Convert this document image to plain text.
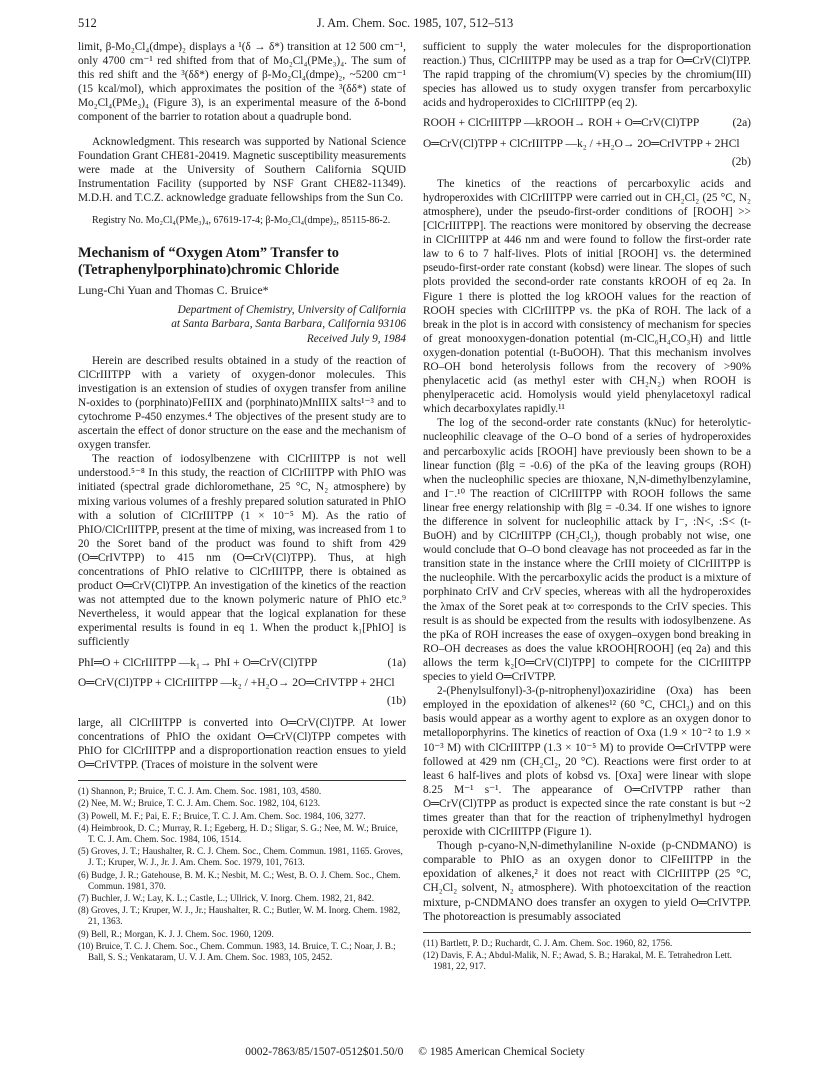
512	J. Am. Chem. Soc. 1985, 107, 512–513

limit, β-Mo₂Cl₄(dmpe)₂ displays a ¹(δ → δ*) transition at 12 500 cm⁻¹, only 4700 cm⁻¹ red shifted from that of Mo₂Cl₄(PMe₃)₄. The sum of this red shift and the ³(δδ*) energy of β-Mo₂Cl₄(dmpe)₂, ~5200 cm⁻¹ (15 kcal/mol), which approximates the position of the ³(δδ*) state of Mo₂Cl₄(PMe₃)₄ (Figure 3), is an experimental measure of the δ-bond component of the barrier to rotation about a quadruple bond.

Acknowledgment. This research was supported by National Science Foundation Grant CHE81-20419. Magnetic susceptibility measurements were made at the University of Southern California SQUID Instrumentation Facility (supported by NSF Grant CHE82-11349). M.D.H. and T.C.Z. acknowledge graduate fellowships from the Sun Co.

Registry No. Mo₂Cl₄(PMe₃)₄, 67619-17-4; β-Mo₂Cl₄(dmpe)₂, 85115-86-2.

Mechanism of “Oxygen Atom” Transfer to (Tetraphenylporphinato)chromic Chloride
Lung-Chi Yuan and Thomas C. Bruice*
Department of Chemistry, University of California
at Santa Barbara, Santa Barbara, California 93106
Received July 9, 1984

Herein are described results obtained in a study of the reaction of ClCrIIITPP with a variety of oxygen-donor molecules. This investigation is an extension of studies of oxygen transfer from aniline N-oxides to (porphinato)FeIIIX and (porphinato)MnIIIX salts¹⁻³ and to cytochrome P-450 enzymes.⁴ The objectives of the present study are to ascertain the effect of donor structure on the ease and the mechanism of oxygen transfer.

The reaction of iodosylbenzene with ClCrIIITPP is not well understood.⁵⁻⁸ In this study, the reaction of ClCrIIITPP with PhIO was initiated (spectral grade dichloromethane, 25 °C, N₂ atmosphere) by mixing various volumes of a freshly prepared solution saturated in PhIO with a solution of ClCrIIITPP (1 × 10⁻⁵ M). As the ratio of PhIO/ClCrIIITPP, present at the time of mixing, was increased from 1 to 20 the Soret band of the product was found to shift from 429 (O═CrIVTPP) to 415 nm (O═CrV(Cl)TPP). Thus, at high concentrations of PhIO relative to ClCrIIITPP, there is obtained as product O═CrV(Cl)TPP. An investigation of the kinetics of the reaction was not attempted due to the known polymeric nature of PhIO etc.⁹ Nevertheless, it would appear that the logical explanation for these experimental results is found in eq 1. When the product k₁[PhIO] is sufficiently

PhI═O + ClCrIIITPP —k₁→ PhI + O═CrV(Cl)TPP	(1a)
O═CrV(Cl)TPP + ClCrIIITPP —k₂ / +H₂O→ 2O═CrIVTPP + 2HCl
(1b)

large, all ClCrIIITPP is converted into O═CrV(Cl)TPP. At lower concentrations of PhIO the oxidant O═CrV(Cl)TPP competes with PhIO for ClCrIIITPP and a disproportionation reaction ensues to yield O═CrIVTPP. (Traces of moisture in the solvent were

(1) Shannon, P.; Bruice, T. C. J. Am. Chem. Soc. 1981, 103, 4580.

(2) Nee, M. W.; Bruice, T. C. J. Am. Chem. Soc. 1982, 104, 6123.

(3) Powell, M. F.; Pai, E. F.; Bruice, T. C. J. Am. Chem. Soc. 1984, 106, 3277.

(4) Heimbrook, D. C.; Murray, R. I.; Egeberg, H. D.; Sligar, S. G.; Nee, M. W.; Bruice, T. C. J. Am. Chem. Soc. 1984, 106, 1514.

(5) Groves, J. T.; Haushalter, R. C. J. Chem. Soc., Chem. Commun. 1981, 1165. Groves, J. T.; Kruper, W. J., Jr. J. Am. Chem. Soc. 1979, 101, 7613.

(6) Budge, J. R.; Gatehouse, B. M. K.; Nesbit, M. C.; West, B. O. J. Chem. Soc., Chem. Commun. 1981, 370.

(7) Buchler, J. W.; Lay, K. L.; Castle, L.; Ullrick, V. Inorg. Chem. 1982, 21, 842.

(8) Groves, J. T.; Kruper, W. J., Jr.; Haushalter, R. C.; Butler, W. M. Inorg. Chem. 1982, 21, 1363.

(9) Bell, R.; Morgan, K. J. J. Chem. Soc. 1960, 1209.

(10) Bruice, T. C. J. Chem. Soc., Chem. Commun. 1983, 14. Bruice, T. C.; Noar, J. B.; Ball, S. S.; Venkataram, U. V. J. Am. Chem. Soc. 1983, 105, 2452.

sufficient to supply the water molecules for the disproportionation reaction.) Thus, ClCrIIITPP may be used as a trap for O═CrV(Cl)TPP. The rapid trapping of the chromium(V) species by the chromium(III) species has allowed us to study oxygen transfer from percarboxylic acids and hydroperoxides to ClCrIIITPP (eq 2).

ROOH + ClCrIIITPP —kROOH→ ROH + O═CrV(Cl)TPP	(2a)
O═CrV(Cl)TPP + ClCrIIITPP —k₂ / +H₂O→ 2O═CrIVTPP + 2HCl
(2b)

The kinetics of the reactions of percarboxylic acids and hydroperoxides with ClCrIIITPP were carried out in CH₂Cl₂ (25 °C, N₂ atmosphere), under the pseudo-first-order conditions of [ROOH] >> [ClCrIIITPP]. The reactions were monitored by observing the decrease in ClCrIIITPP at 446 nm and were found to follow the first-order rate law to 6 to 7 half-lives. Plots of initial [ROOH] vs. the determined pseudo-first-order rate constant (kobsd) were linear. The slopes of such plots provided the second-order rate constants kROOH of eq 2a. In Figure 1 there is plotted the log kROOH values for the reaction of ROOH species with ClCrIIITPP vs. the pKa of ROH. The lack of a break in the plot is in accord with consistency of mechanism for species of great monooxygen-donation potential (m-ClC₆H₄CO₃H) and little oxygen-donation potential (t-BuOOH). That this mechanism involves RO–OH bond heterolysis follows from the recovery of >90% phenylacetic acid (as methyl ester with CH₂N₂) when ROOH is phenylperacetic acid. Homolysis would yield phenylacetoxyl radical which decarboxylates rapidly.¹¹

The log of the second-order rate constants (kNuc) for heterolytic-nucleophilic cleavage of the O–O bond of a series of hydroperoxides and percarboxylic acids [ROOH] have previously been shown to be a linear function (βlg = -0.6) of the pKa of the leaving groups (ROH) when the nucleophilic species are thioxane, N,N-dimethylbenzylamine, and I⁻.¹⁰ The reaction of ClCrIIITPP with ROOH follows the same linear free energy relationship with βlg = -0.34. If one wishes to ignore the difference in solvent for nucleophilic attack by I⁻, :N<, :S< (t-BuOH) and by ClCrIIITPP (CH₂Cl₂), though probably not wise, one would conclude that O–O bond cleavage has not proceeded as far in the transition state in the instance where the CrIII moiety of ClCrIIITPP is the nucleophile. With the percarboxylic acids the product is a mixture of porphinato CrIV and CrV species, whereas with all the hydroperoxides the λmax of the Soret peak at t∞ corresponds to the CrIV species. This result is as should be expected from the results with iodosylbenzene. As the pKa of ROH increases the ease of oxygen–oxygen bond breaking in RO–OH decreases as does the value kROOH[ROOH] (eq 2a) and this allows the term k₂[O═CrV(Cl)TPP] to compete for the ClCrIIITPP species to yield O═CrIVTPP.

2-(Phenylsulfonyl)-3-(p-nitrophenyl)oxaziridine (Oxa) has been employed in the epoxidation of alkenes¹² (60 °C, CHCl₃) and on this basis would appear as a worthy agent to explore as an oxygen donor to metalloporphyrins. The kinetics of reaction of Oxa (1.9 × 10⁻² to 1.9 × 10⁻³ M) with ClCrIIITPP (1.3 × 10⁻⁵ M) to provide O═CrIVTPP were followed at 429 nm (CH₂Cl₂, 20 °C). Reactions were first order to at least 6 half-lives and plots of kobsd vs. [Oxa] were linear with slope 8.25 M⁻¹ s⁻¹. The appearance of O═CrIVTPP rather than O═CrV(Cl)TPP as product is expected since the rate constant is but ~2 times greater than that for the reaction of triphenylmethyl hydrogen peroxide with ClCrIIITPP (Figure 1).

Though p-cyano-N,N-dimethylaniline N-oxide (p-CNDMANO) is comparable to PhIO as an oxygen donor to ClFeIIITPP in the epoxidation of alkenes,² it does not react with ClCrIIITPP (25 °C, CH₂Cl₂ solvent, N₂ atmosphere). With photoexcitation of the reaction mixture, p-CNDMANO does transfer an oxygen to yield O═CrIVTPP. The photoreaction is presumably associated

(11) Bartlett, P. D.; Ruchardt, C. J. Am. Chem. Soc. 1960, 82, 1756.

(12) Davis, F. A.; Abdul-Malik, N. F.; Awad, S. B.; Harakal, M. E. Tetrahedron Lett. 1981, 22, 917.

0002-7863/85/1507-0512$01.50/0 © 1985 American Chemical Society
